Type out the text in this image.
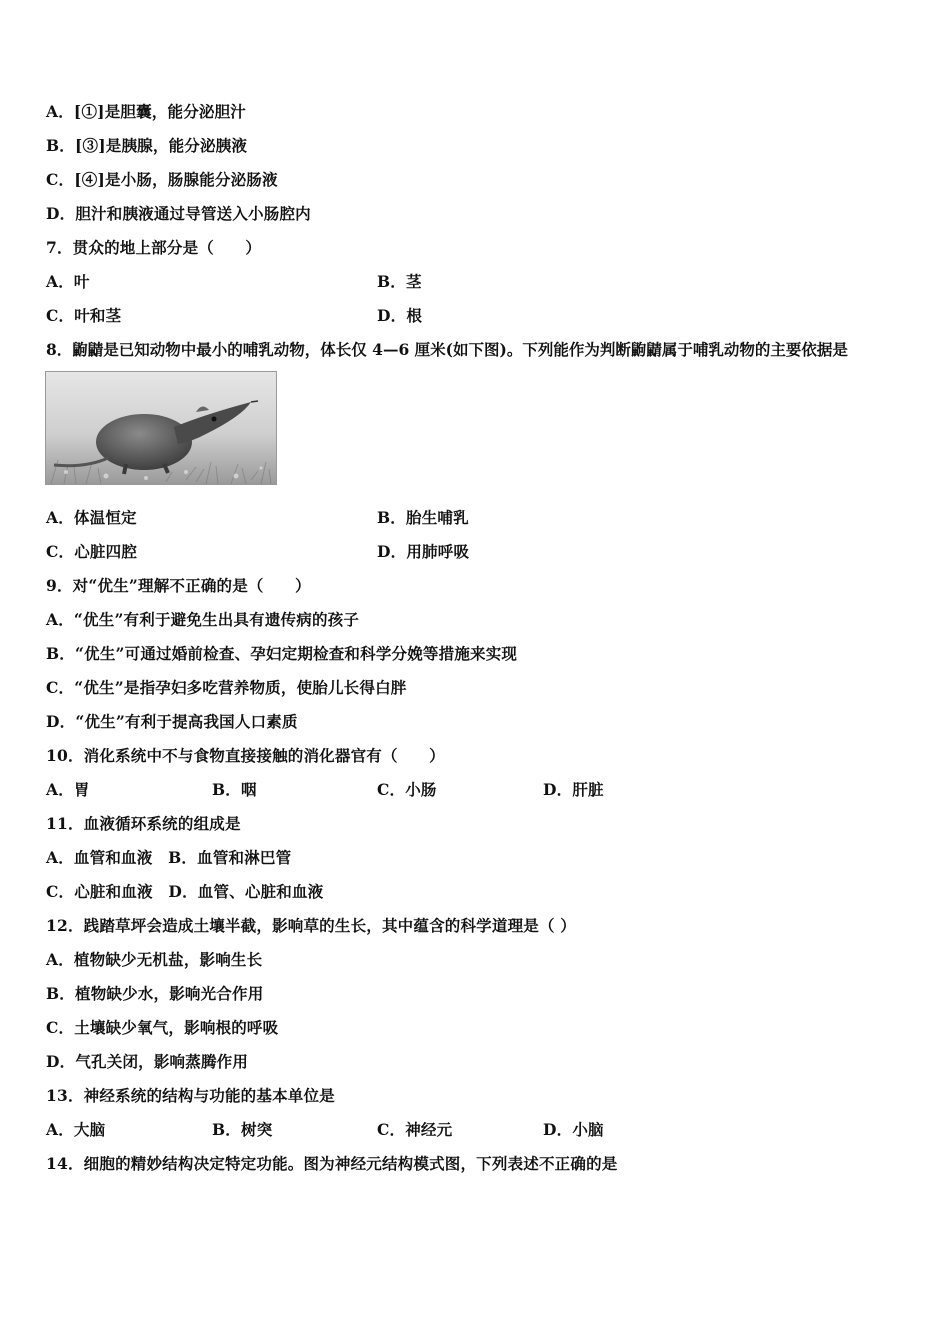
A．[①]是胆囊，能分泌胆汁
B．[③]是胰腺，能分泌胰液
C．[④]是小肠，肠腺能分泌肠液
D．胆汁和胰液通过导管送入小肠腔内
7．贯众的地上部分是（　　）
A．叶	B．茎
C．叶和茎	D．根
8．鼩鼱是已知动物中最小的哺乳动物，体长仅 4—6 厘米(如下图)。下列能作为判断鼩鼱属于哺乳动物的主要依据是
A．体温恒定	B．胎生哺乳
C．心脏四腔	D．用肺呼吸
9．对“优生”理解不正确的是（　　）
A．“优生”有利于避免生出具有遗传病的孩子
B．“优生”可通过婚前检查、孕妇定期检查和科学分娩等措施来实现
C．“优生”是指孕妇多吃营养物质，使胎儿长得白胖
D．“优生”有利于提高我国人口素质
10．消化系统中不与食物直接接触的消化器官有（　　）
A．胃	B．咽	C．小肠	D．肝脏
11．血液循环系统的组成是
A．血管和血液　B．血管和淋巴管
C．心脏和血液　D．血管、心脏和血液
12．践踏草坪会造成土壤半截，影响草的生长，其中蕴含的科学道理是（ ）
A．植物缺少无机盐，影响生长
B．植物缺少水，影响光合作用
C．土壤缺少氧气，影响根的呼吸
D．气孔关闭，影响蒸腾作用
13．神经系统的结构与功能的基本单位是
A．大脑	B．树突	C．神经元	D．小脑
14．细胞的精妙结构决定特定功能。图为神经元结构模式图，下列表述不正确的是
